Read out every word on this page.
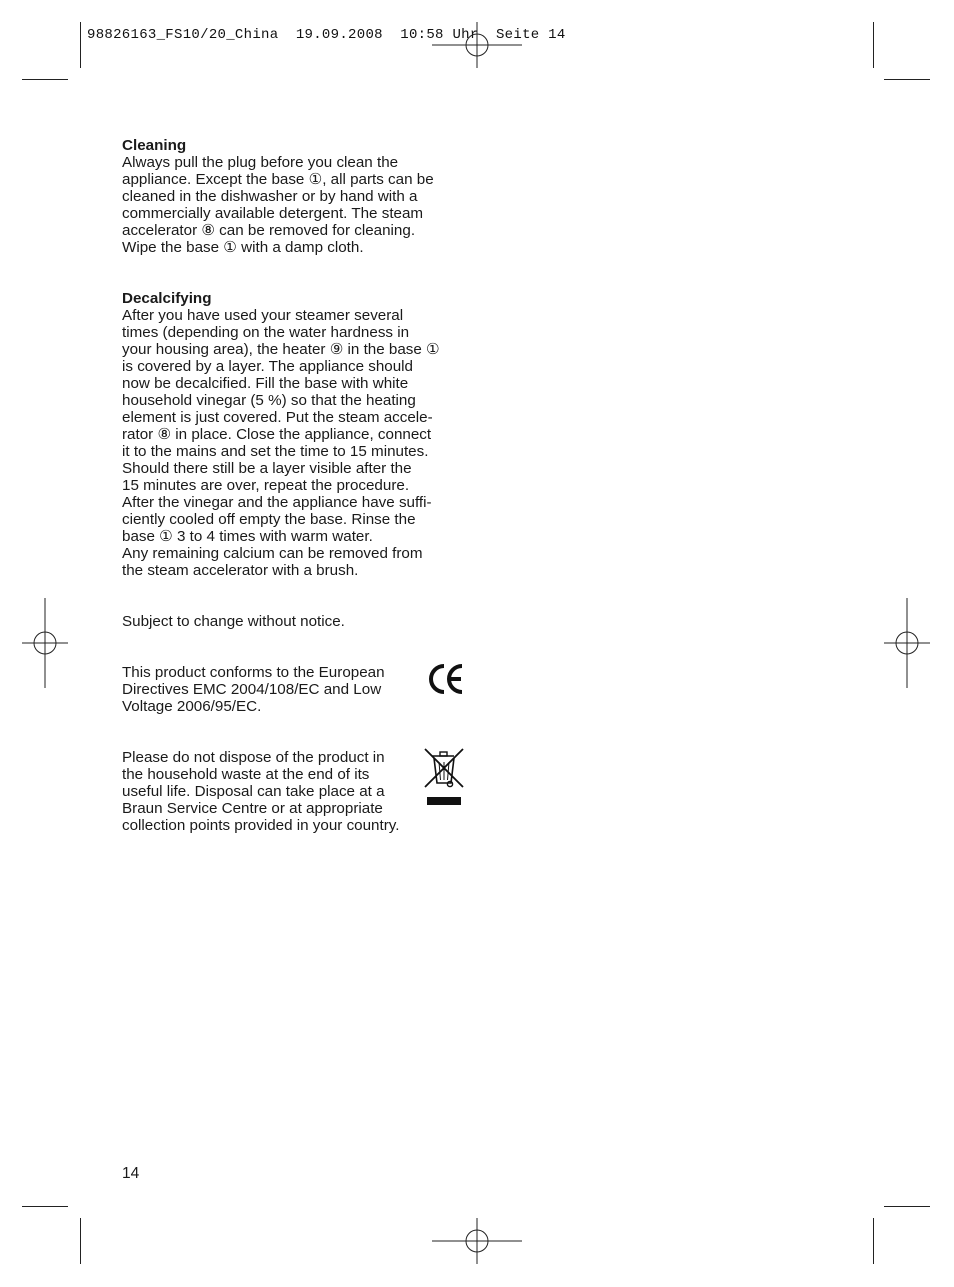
98826163_FS10/20_China  19.09.2008  10:58 Uhr  Seite 14

Cleaning

Always pull the plug before you clean the
appliance. Except the base ①, all parts can be
cleaned in the dishwasher or by hand with a
commercially available detergent. The steam
accelerator ⑧ can be removed for cleaning.
Wipe the base ① with a damp cloth.

Decalcifying

After you have used your steamer several
times (depending on the water hardness in
your housing area), the heater ⑨ in the base ①
is covered by a layer. The appliance should
now be decalcified. Fill the base with white
household vinegar (5 %) so that the heating
element is just covered. Put the steam accele-
rator ⑧ in place. Close the appliance, connect
it to the mains and set the time to 15 minutes.
Should there still be a layer visible after the
15 minutes are over, repeat the procedure.
After the vinegar and the appliance have suffi-
ciently cooled off empty the base. Rinse the
base ① 3 to 4 times with warm water.
Any remaining calcium can be removed from
the steam accelerator with a brush.

Subject to change without notice.

This product conforms to the European
Directives EMC 2004/108/EC and Low
Voltage 2006/95/EC.

Please do not dispose of the product in
the household waste at the end of its
useful life. Disposal can take place at a
Braun Service Centre or at appropriate
collection points provided in your country.

14
